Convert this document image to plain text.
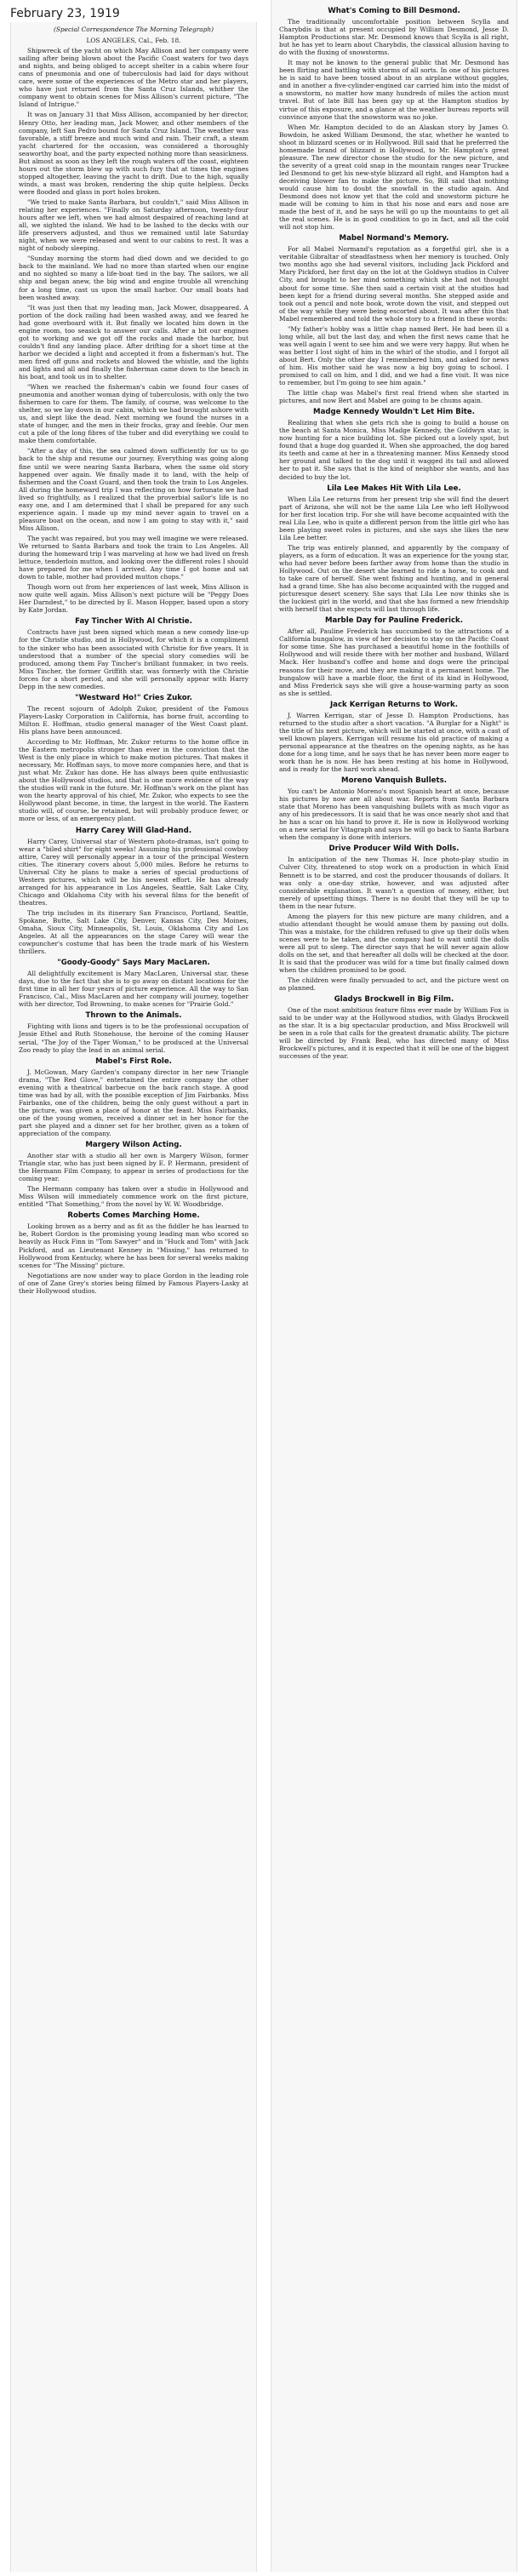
February 23, 1919
(Special Correspondence The Morning Telegraph)
LOS ANGELES, Cal., Feb. 18.

Shipwreck of the yacht on which May Allison and her company were sailing after being blown about the Pacific Coast waters for two days and nights, and being obliged to accept shelter in a cabin where four cans of pneumonia and one of tuberculosis had laid for days without care, were some of the experiences of the Metro star and her players, who have just returned from the Santa Cruz Islands, whither the company went to obtain scenes for Miss Allison's current picture, "The Island of Intrigue."

It was on January 31 that Miss Allison, accompanied by her director, Henry Otto, her leading man, Jack Mower, and other members of the company, left San Pedro bound for Santa Cruz Island. The weather was favorable, a stiff breeze and much wind and rain. Their craft, a steam yacht chartered for the occasion, was considered a thoroughly seaworthy boat, and the party expected nothing more than seasickness. But almost as soon as they left the rough waters off the coast, eighteen hours out the storm blew up with such fury that at times the engines stopped altogether, leaving the yacht to drift. Due to the high, squally winds, a mast was broken, rendering the ship quite helpless. Decks were flooded and glass in port holes broken.

"We tried to make Santa Barbara, but couldn't," said Miss Allison in relating her experiences. "Finally on Saturday afternoon, twenty-four hours after we left, when we had almost despaired of reaching land at all, we sighted the island. We had to be lashed to the decks with our life preservers adjusted, and thus we remained until late Saturday night, when we were released and went to our cabins to rest. It was a night of nobody sleeping.

"Sunday morning the storm had died down and we decided to go back to the mainland. We had no more than started when our engine and no sighted so many a life-boat tied in the bay. The sailors, we all ship and began anew, the big wind and engine trouble all wrenching for a long time, cast us upon the small harbor. Our small boats had been washed away.

"It was just then that my leading man, Jack Mower, disappeared. A portion of the dock railing had been washed away, and we feared he had gone overboard with it. But finally we located him down in the engine room, too seasick to answer our calls. After a bit our engines got to working and we got off the rocks and made the harbor, but couldn't find any landing place. After drifting for a short time at the harbor we decided a light and accepted it from a fisherman's hut. The men fired off guns and rockets and blowed the whistle, and the lights and lights and all and finally the fisherman came down to the beach in his boat, and took us in to shelter.

"When we reached the fisherman's cabin we found four cases of pneumonia and another woman dying of tuberculosis, with only the two fishermen to care for them. The family, of course, was welcome to the shelter, so we lay down in our cabin, which we had brought ashore with us, and slept like the dead. Next morning we found the nurses in a state of hunger, and the men in their frocks, gray and feeble. Our men cut a pile of the long fibres of the tuber and did everything we could to make them comfortable.

"After a day of this, the sea calmed down sufficiently for us to go back to the ship and resume our journey. Everything was going along fine until we were nearing Santa Barbara, when the same old story happened over again. We finally made it to land, with the help of fishermen and the Coast Guard, and then took the train to Los Angeles. All during the homeward trip I was reflecting on how fortunate we had lived so frightfully, as I realized that the proverbial sailor's life is no easy one, and I am determined that I shall be prepared for any such experience again. I made up my mind never again to travel on a pleasure boat on the ocean, and now I am going to stay with it," said Miss Allison.

The yacht was repaired, but you may well imagine we were released. We returned to Santa Barbara and took the train to Los Angeles. All during the homeward trip I was marveling at how we had lived on fresh lettuce, tenderloin mutton, and looking over the different roles I should have prepared for me when I arrived. Any time I got home and sat down to table, mother had provided mutton chops."

Though worn out from her experiences of last week, Miss Allison is now quite well again. Miss Allison's next picture will be "Peggy Does Her Darndest," to be directed by E. Mason Hopper, based upon a story by Kate Jordan.

Fay Tincher With Al Christie.

Contracts have just been signed which mean a new comedy line-up for the Christie studio, and in Hollywood, for which it is a compliment to the sinker who has been associated with Christie for five years. It is understood that a number of the special story comedies will be produced, among them Fay Tincher's brilliant funmaker, in two reels. Miss Tincher, the former Griffith star, was formerly with the Christie forces for a short period, and she will personally appear with Harry Depp in the new comedies.

"Westward Ho!" Cries Zukor.

The recent sojourn of Adolph Zukor, president of the Famous Players-Lasky Corporation in California, has borne fruit, according to Milton E. Hoffman, studio general manager of the West Coast plant. His plans have been announced.

According to Mr. Hoffman, Mr. Zukor returns to the home office in the Eastern metropolis stronger than ever in the conviction that the West is the only place in which to make motion pictures. That makes it necessary, Mr. Hoffman says, to move more companies here, and that is just what Mr. Zukor has done. He has always been quite enthusiastic about the Hollywood studios, and that is one more evidence of the way the studios will rank in the future. Mr. Hoffman's work on the plant has won the hearty approval of his chief, Mr. Zukor, who expects to see the Hollywood plant become, in time, the largest in the world. The Eastern studio will, of course, be retained, but will probably produce fewer, or more or less, of an emergency plant.

Harry Carey Will Glad-Hand.

Harry Carey, Universal star of Western photo-dramas, isn't going to wear a "biled shirt" for eight weeks! Assuming his professional cowboy attire, Carey will personally appear in a tour of the principal Western cities. The itinerary covers about 5,000 miles. Before he returns to Universal City he plans to make a series of special productions of Western pictures, which will be his newest effort. He has already arranged for his appearance in Los Angeles, Seattle, Salt Lake City, Chicago and Oklahoma City with his several films for the benefit of theatres.

The trip includes in its itinerary San Francisco, Portland, Seattle, Spokane, Butte, Salt Lake City, Denver, Kansas City, Des Moines, Omaha, Sioux City, Minneapolis, St. Louis, Oklahoma City and Los Angeles. At all the appearances on the stage Carey will wear the cowpuncher's costume that has been the trade mark of his Western thrillers.

"Goody-Goody" Says Mary MacLaren.

All delightfully excitement is Mary MacLaren, Universal star, these days, due to the fact that she is to go away on distant locations for the first time in all her four years of picture experience. All the way to San Francisco, Cal., Miss MacLaren and her company will journey, together with her director, Tod Browning, to make scenes for "Prairie Gold."

Thrown to the Animals.

Fighting with lions and tigers is to be the professional occupation of Jessie Ethel and Ruth Stonehouse, the heroine of the coming Hauser serial, "The Joy of the Tiger Woman," to be produced at the Universal Zoo ready to play the lead in an animal serial.

Mabel's First Role.

J. McGowan, Mary Garden's company director in her new Triangle drama, "The Red Glove," entertained the entire company the other evening with a theatrical barbecue on the back ranch stage. A good time was had by all, with the possible exception of Jim Fairbanks. Miss Fairbanks, one of the children, being the only guest without a part in the picture, was given a place of honor at the feast. Miss Fairbanks, one of the young women, received a dinner set in her honor for the part she played and a dinner set for her brother, given as a token of appreciation of the company.

Margery Wilson Acting.

Another star with a studio all her own is Margery Wilson, former Triangle star, who has just been signed by E. P. Hermann, president of the Hermann Film Company, to appear in series of productions for the coming year.

The Hermann company has taken over a studio in Hollywood and Miss Wilson will immediately commence work on the first picture, entitled "That Something," from the novel by W. W. Woodbridge.

Roberts Comes Marching Home.

Looking brown as a berry and as fit as the fiddler he has learned to be, Robert Gordon is the promising young leading man who scored so heavily as Huck Finn in "Tom Sawyer" and in "Huck and Tom" with Jack Pickford, and as Lieutenant Kenney in "Missing," has returned to Hollywood from Kentucky, where he has been for several weeks making scenes for "The Missing" picture.

Negotiations are now under way to place Gordon in the leading role of one of Zane Grey's stories being filmed by Famous Players-Lasky at their Hollywood studios.

What's Coming to Bill Desmond.

The traditionally uncomfortable position between Scylla and Charybdis is that at present occupied by William Desmond, Jesse D. Hampton Productions star. Mr. Desmond knows that Scylla is all right, but he has yet to learn about Charybdis, the classical allusion having to do with the fluxing of snowstorms.

It may not be known to the general public that Mr. Desmond has been flirting and battling with storms of all sorts. In one of his pictures he is said to have been tossed about in an airplane without goggles, and in another a five-cylinder-engined car carried him into the midst of a snowstorm, no matter how many hundreds of miles the action must travel. But of late Bill has been gay up at the Hampton studios by virtue of this exposure, and a glance at the weather bureau reports will convince anyone that the snowstorm was no joke.

When Mr. Hampton decided to do an Alaskan story by James O. Bowdoin, he asked William Desmond, the star, whether he wanted to shoot in blizzard scenes or in Hollywood. Bill said that he preferred the homemade brand of blizzard in Hollywood, to Mr. Hampton's great pleasure. The new director chose the studio for the new picture, and the severity of a great cold snap in the mountain ranges near Truckee led Desmond to get his new-style blizzard all right, and Hampton had a deceiving blower fan to make the picture. So, Bill said that nothing would cause him to doubt the snowfall in the studio again. And Desmond does not know yet that the cold and snowstorm picture he made will be coming to him in that his nose and ears and nose are made the best of it, and he says he will go up the mountains to get all the real scenes. He is in good condition to go in fact, and all the cold will not stop him.

Mabel Normand's Memory.

For all Mabel Normand's reputation as a forgetful girl, she is a veritable Gibraltar of steadfastness when her memory is touched. Only two months ago she had several visitors, including Jack Pickford and Mary Pickford, her first day on the lot at the Goldwyn studios in Culver City, and brought to her mind something which she had not thought about for some time. She then said a certain visit at the studios had been kept for a friend during several months. She stepped aside and took out a pencil and note book, wrote down the visit, and stepped out of the way while they were being escorted about. It was after this that Mabel remembered and told the whole story to a friend in these words:

"My father's hobby was a little chap named Bert. He had been ill a long while, all but the last day, and when the first news came that he was well again I went to see him and we were very happy. But when he was better I lost sight of him in the whirl of the studio, and I forgot all about Bert. Only the other day I remembered him, and asked for news of him. His mother said he was now a big boy going to school. I promised to call on him, and I did, and we had a fine visit. It was nice to remember, but I'm going to see him again."

The little chap was Mabel's first real friend when she started in pictures, and now Bert and Mabel are going to be chums again.

Madge Kennedy Wouldn't Let Him Bite.

Realizing that when she gets rich she is going to build a house on the beach at Santa Monica, Miss Madge Kennedy, the Goldwyn star, is now hunting for a nice building lot. She picked out a lovely spot, but found that a huge dog guarded it. When she approached, the dog bared its teeth and came at her in a threatening manner. Miss Kennedy stood her ground and talked to the dog until it wagged its tail and allowed her to pat it. She says that is the kind of neighbor she wants, and has decided to buy the lot.

Lila Lee Makes Hit With Lila Lee.

When Lila Lee returns from her present trip she will find the desert part of Arizona, she will not be the same Lila Lee who left Hollywood for her first location trip. For she will have become acquainted with the real Lila Lee, who is quite a different person from the little girl who has been playing sweet roles in pictures, and she says she likes the new Lila Lee better.

The trip was entirely planned, and apparently by the company of players, as a form of education. It was an experience for the young star, who had never before been farther away from home than the studio in Hollywood. Out on the desert she learned to ride a horse, to cook and to take care of herself. She went fishing and hunting, and in general had a grand time. She has also become acquainted with the rugged and picturesque desert scenery. She says that Lila Lee now thinks she is the luckiest girl in the world, and that she has formed a new friendship with herself that she expects will last through life.

Marble Day for Pauline Frederick.

After all, Pauline Frederick has succumbed to the attractions of a California bungalow, in view of her decision to stay on the Pacific Coast for some time. She has purchased a beautiful home in the foothills of Hollywood and will reside there with her mother and husband, Willard Mack. Her husband's coffee and home and dogs were the principal reasons for their move, and they are making it a permanent home. The bungalow will have a marble floor, the first of its kind in Hollywood, and Miss Frederick says she will give a house-warming party as soon as she is settled.

Jack Kerrigan Returns to Work.

J. Warren Kerrigan, star of Jesse D. Hampton Productions, has returned to the studio after a short vacation. "A Burglar for a Night" is the title of his next picture, which will be started at once, with a cast of well known players. Kerrigan will resume his old practice of making a personal appearance at the theatres on the opening nights, as he has done for a long time, and he says that he has never been more eager to work than he is now. He has been resting at his home in Hollywood, and is ready for the hard work ahead.

Moreno Vanquish Bullets.

You can't be Antonio Moreno's most Spanish heart at once, because his pictures by now are all about war. Reports from Santa Barbara state that Moreno has been vanquishing bullets with as much vigor as any of his predecessors. It is said that he was once nearly shot and that he has a scar on his hand to prove it. He is now in Hollywood working on a new serial for Vitagraph and says he will go back to Santa Barbara when the company is done with interiors.

Drive Producer Wild With Dolls.

In anticipation of the new Thomas H. Ince photo-play studio in Culver City, threatened to stop work on a production in which Enid Bennett is to be starred, and cost the producer thousands of dollars. It was only a one-day strike, however, and was adjusted after considerable explanation. It wasn't a question of money, either, but merely of upsetting things. There is no doubt that they will be up to them in the near future.

Among the players for this new picture are many children, and a studio attendant thought he would amuse them by passing out dolls. This was a mistake, for the children refused to give up their dolls when scenes were to be taken, and the company had to wait until the dolls were all put to sleep. The director says that he will never again allow dolls on the set, and that hereafter all dolls will be checked at the door. It is said that the producer was wild for a time but finally calmed down when the children promised to be good.

The children were finally persuaded to act, and the picture went on as planned.

Gladys Brockwell in Big Film.

One of the most ambitious feature films ever made by William Fox is said to be under way at the Hollywood studios, with Gladys Brockwell as the star. It is a big spectacular production, and Miss Brockwell will be seen in a role that calls for the greatest dramatic ability. The picture will be directed by Frank Beal, who has directed many of Miss Brockwell's pictures, and it is expected that it will be one of the biggest successes of the year.
